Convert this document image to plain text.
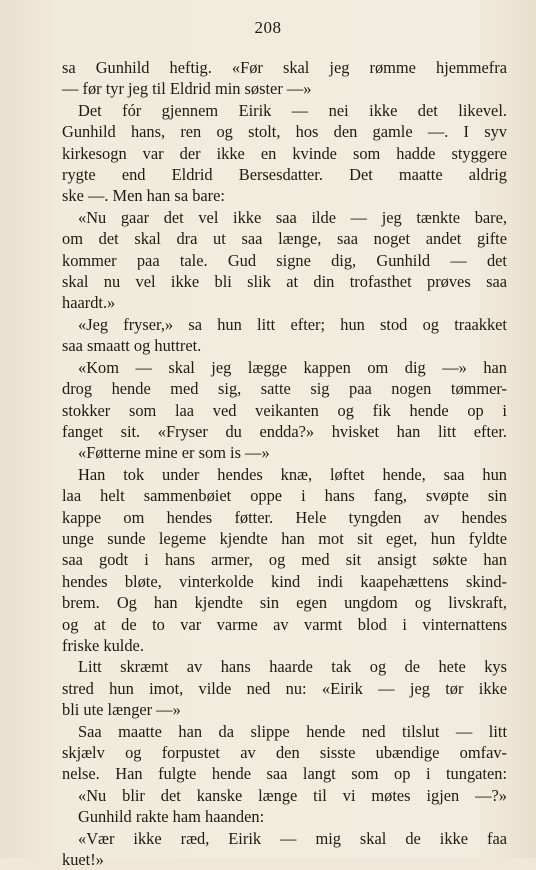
208
sa Gunhild heftig. «Før skal jeg rømme hjemmefra
— før tyr jeg til Eldrid min søster —»
Det fór gjennem Eirik — nei ikke det likevel.
Gunhild hans, ren og stolt, hos den gamle —. I syv
kirkesogn var der ikke en kvinde som hadde styggere
rygte end Eldrid Bersesdatter. Det maatte aldrig
ske —. Men han sa bare:
«Nu gaar det vel ikke saa ilde — jeg tænkte bare,
om det skal dra ut saa længe, saa noget andet gifte
kommer paa tale. Gud signe dig, Gunhild — det
skal nu vel ikke bli slik at din trofasthet prøves saa
haardt.»
«Jeg fryser,» sa hun litt efter; hun stod og traakket
saa smaatt og huttret.
«Kom — skal jeg lægge kappen om dig —» han
drog hende med sig, satte sig paa nogen tømmer-
stokker som laa ved veikanten og fik hende op i
fanget sit. «Fryser du endda?» hvisket han litt efter.
«Føtterne mine er som is —»
Han tok under hendes knæ, løftet hende, saa hun
laa helt sammenbøiet oppe i hans fang, svøpte sin
kappe om hendes føtter. Hele tyngden av hendes
unge sunde legeme kjendte han mot sit eget, hun fyldte
saa godt i hans armer, og med sit ansigt søkte han
hendes bløte, vinterkolde kind indi kaapehættens skind-
brem. Og han kjendte sin egen ungdom og livskraft,
og at de to var varme av varmt blod i vinternattens
friske kulde.
Litt skræmt av hans haarde tak og de hete kys
stred hun imot, vilde ned nu: «Eirik — jeg tør ikke
bli ute længer —»
Saa maatte han da slippe hende ned tilslut — litt
skjælv og forpustet av den sisste ubændige omfav-
nelse. Han fulgte hende saa langt som op i tungaten:
«Nu blir det kanske længe til vi møtes igjen —?»
Gunhild rakte ham haanden:
«Vær ikke ræd, Eirik — mig skal de ikke faa
kuet!»
